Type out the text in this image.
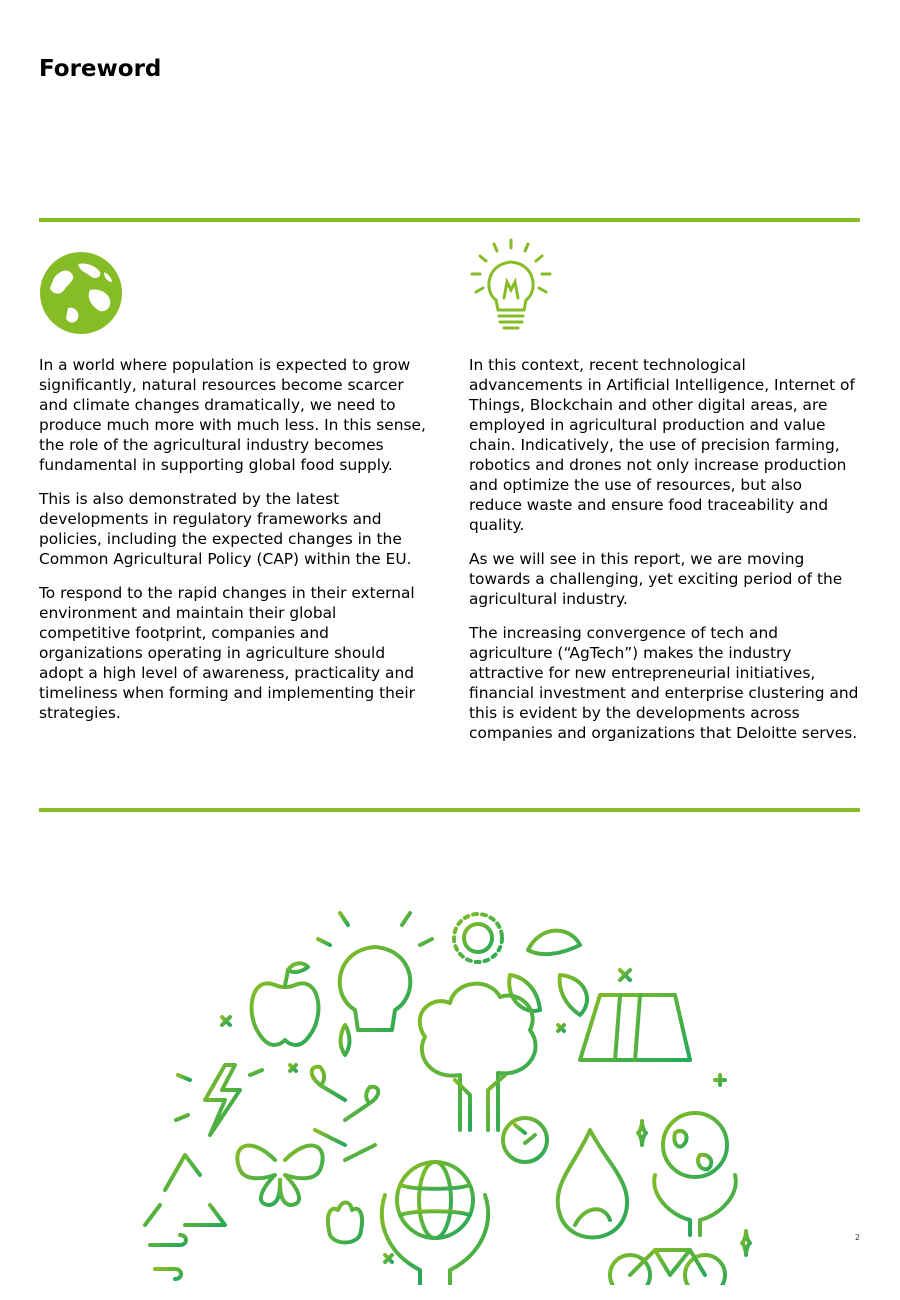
Foreword

In a world where population is expected to grow significantly, natural resources become scarcer and climate changes dramatically, we need to produce much more with much less. In this sense, the role of the agricultural industry becomes fundamental in supporting global food supply.

This is also demonstrated by the latest developments in regulatory frameworks and policies, including the expected changes in the Common Agricultural Policy (CAP) within the EU.

To respond to the rapid changes in their external environment and maintain their global competitive footprint, companies and organizations operating in agriculture should adopt a high level of awareness, practicality and timeliness when forming and implementing their strategies.

In this context, recent technological advancements in Artificial Intelligence, Internet of Things, Blockchain and other digital areas, are employed in agricultural production and value chain. Indicatively, the use of precision farming, robotics and drones not only increase production and optimize the use of resources, but also reduce waste and ensure food traceability and quality.

As we will see in this report, we are moving towards a challenging, yet exciting period of the agricultural industry.

The increasing convergence of tech and agriculture (“AgTech”) makes the industry attractive for new entrepreneurial initiatives, financial investment and enterprise clustering and this is evident by the developments across companies and organizations that Deloitte serves.

2
